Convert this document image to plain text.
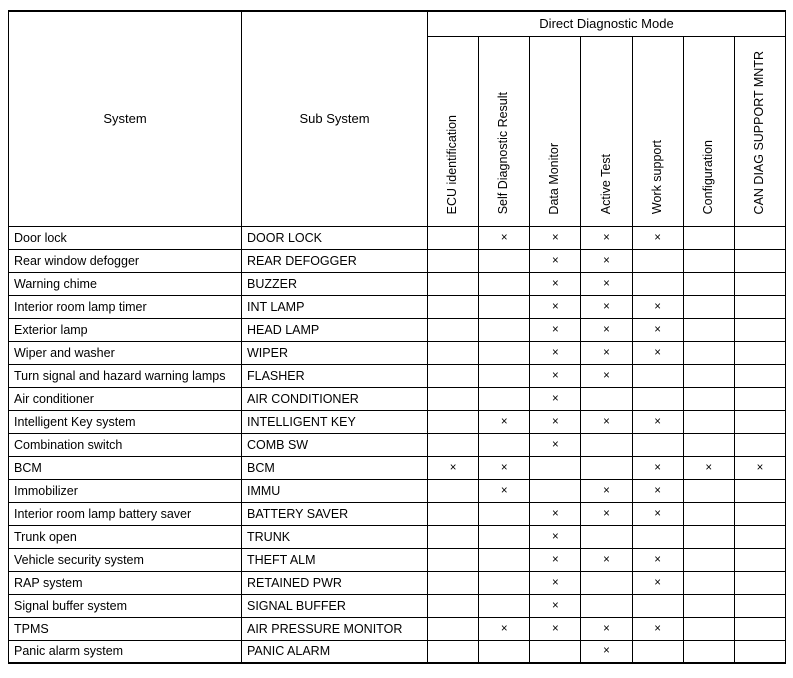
System	Sub System	Direct Diagnostic Mode						
		ECU identification	Self Diagnostic Result	Data Monitor	Active Test	Work support	Configuration	CAN DIAG SUPPORT MNTR
Door lock	DOOR LOCK		×	×	×	×		
Rear window defogger	REAR DEFOGGER			×	×			
Warning chime	BUZZER			×	×			
Interior room lamp timer	INT LAMP			×	×	×		
Exterior lamp	HEAD LAMP			×	×	×		
Wiper and washer	WIPER			×	×	×		
Turn signal and hazard warning lamps	FLASHER			×	×			
Air conditioner	AIR CONDITIONER			×				
Intelligent Key system	INTELLIGENT KEY		×	×	×	×		
Combination switch	COMB SW			×				
BCM	BCM	×	×			×	×	×
Immobilizer	IMMU		×		×	×		
Interior room lamp battery saver	BATTERY SAVER			×	×	×		
Trunk open	TRUNK			×				
Vehicle security system	THEFT ALM			×	×	×		
RAP system	RETAINED PWR			×		×		
Signal buffer system	SIGNAL BUFFER			×				
TPMS	AIR PRESSURE MONITOR		×	×	×	×		
Panic alarm system	PANIC ALARM				×			
